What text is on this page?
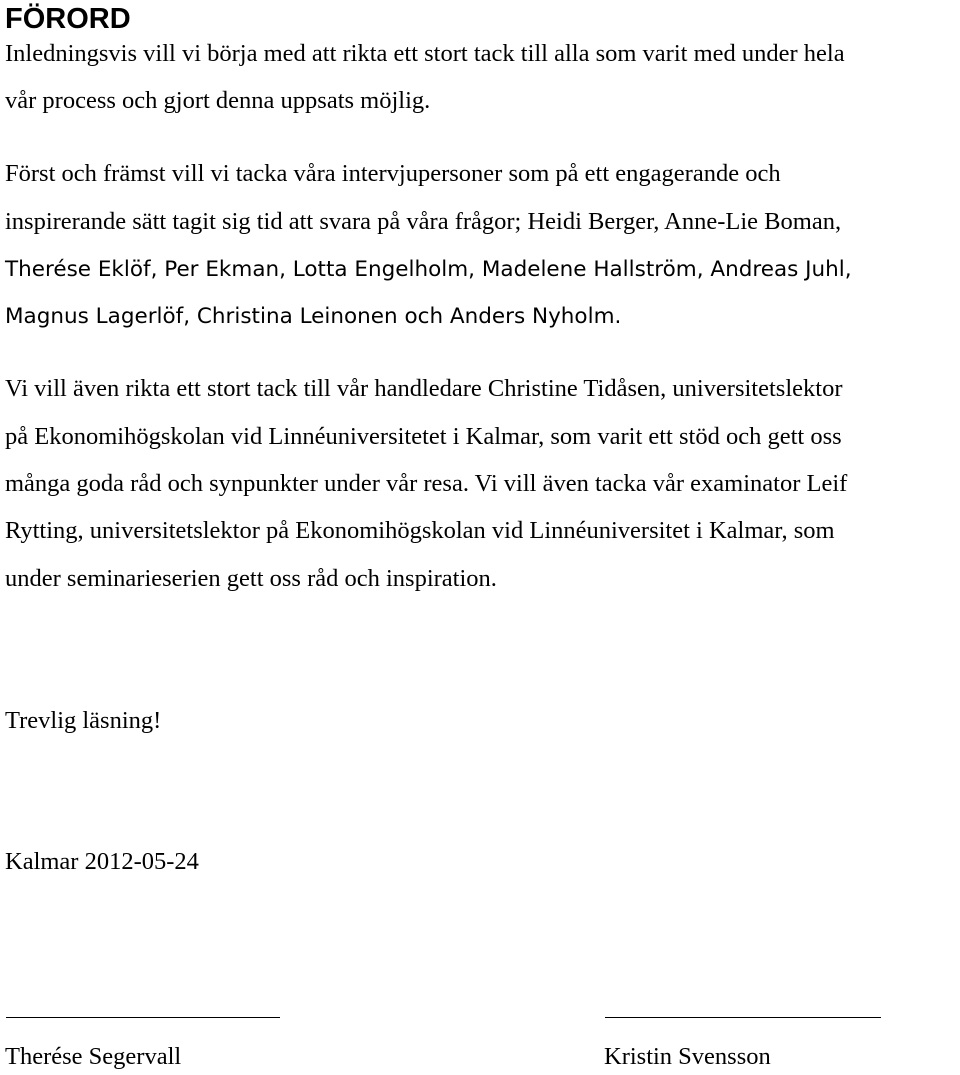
FÖRORD

Inledningsvis vill vi börja med att rikta ett stort tack till alla som varit med under hela

vår process och gjort denna uppsats möjlig.

Först och främst vill vi tacka våra intervjupersoner som på ett engagerande och

inspirerande sätt tagit sig tid att svara på våra frågor; Heidi Berger, Anne-Lie Boman,

Therése Eklöf, Per Ekman, Lotta Engelholm, Madelene Hallström, Andreas Juhl,

Magnus Lagerlöf, Christina Leinonen och Anders Nyholm.

Vi vill även rikta ett stort tack till vår handledare Christine Tidåsen, universitetslektor

på Ekonomihögskolan vid Linnéuniversitetet i Kalmar, som varit ett stöd och gett oss

många goda råd och synpunkter under vår resa. Vi vill även tacka vår examinator Leif

Rytting, universitetslektor på Ekonomihögskolan vid Linnéuniversitet i Kalmar, som

under seminarieserien gett oss råd och inspiration.

Trevlig läsning!

Kalmar 2012-05-24

Therése Segervall	Kristin Svensson
